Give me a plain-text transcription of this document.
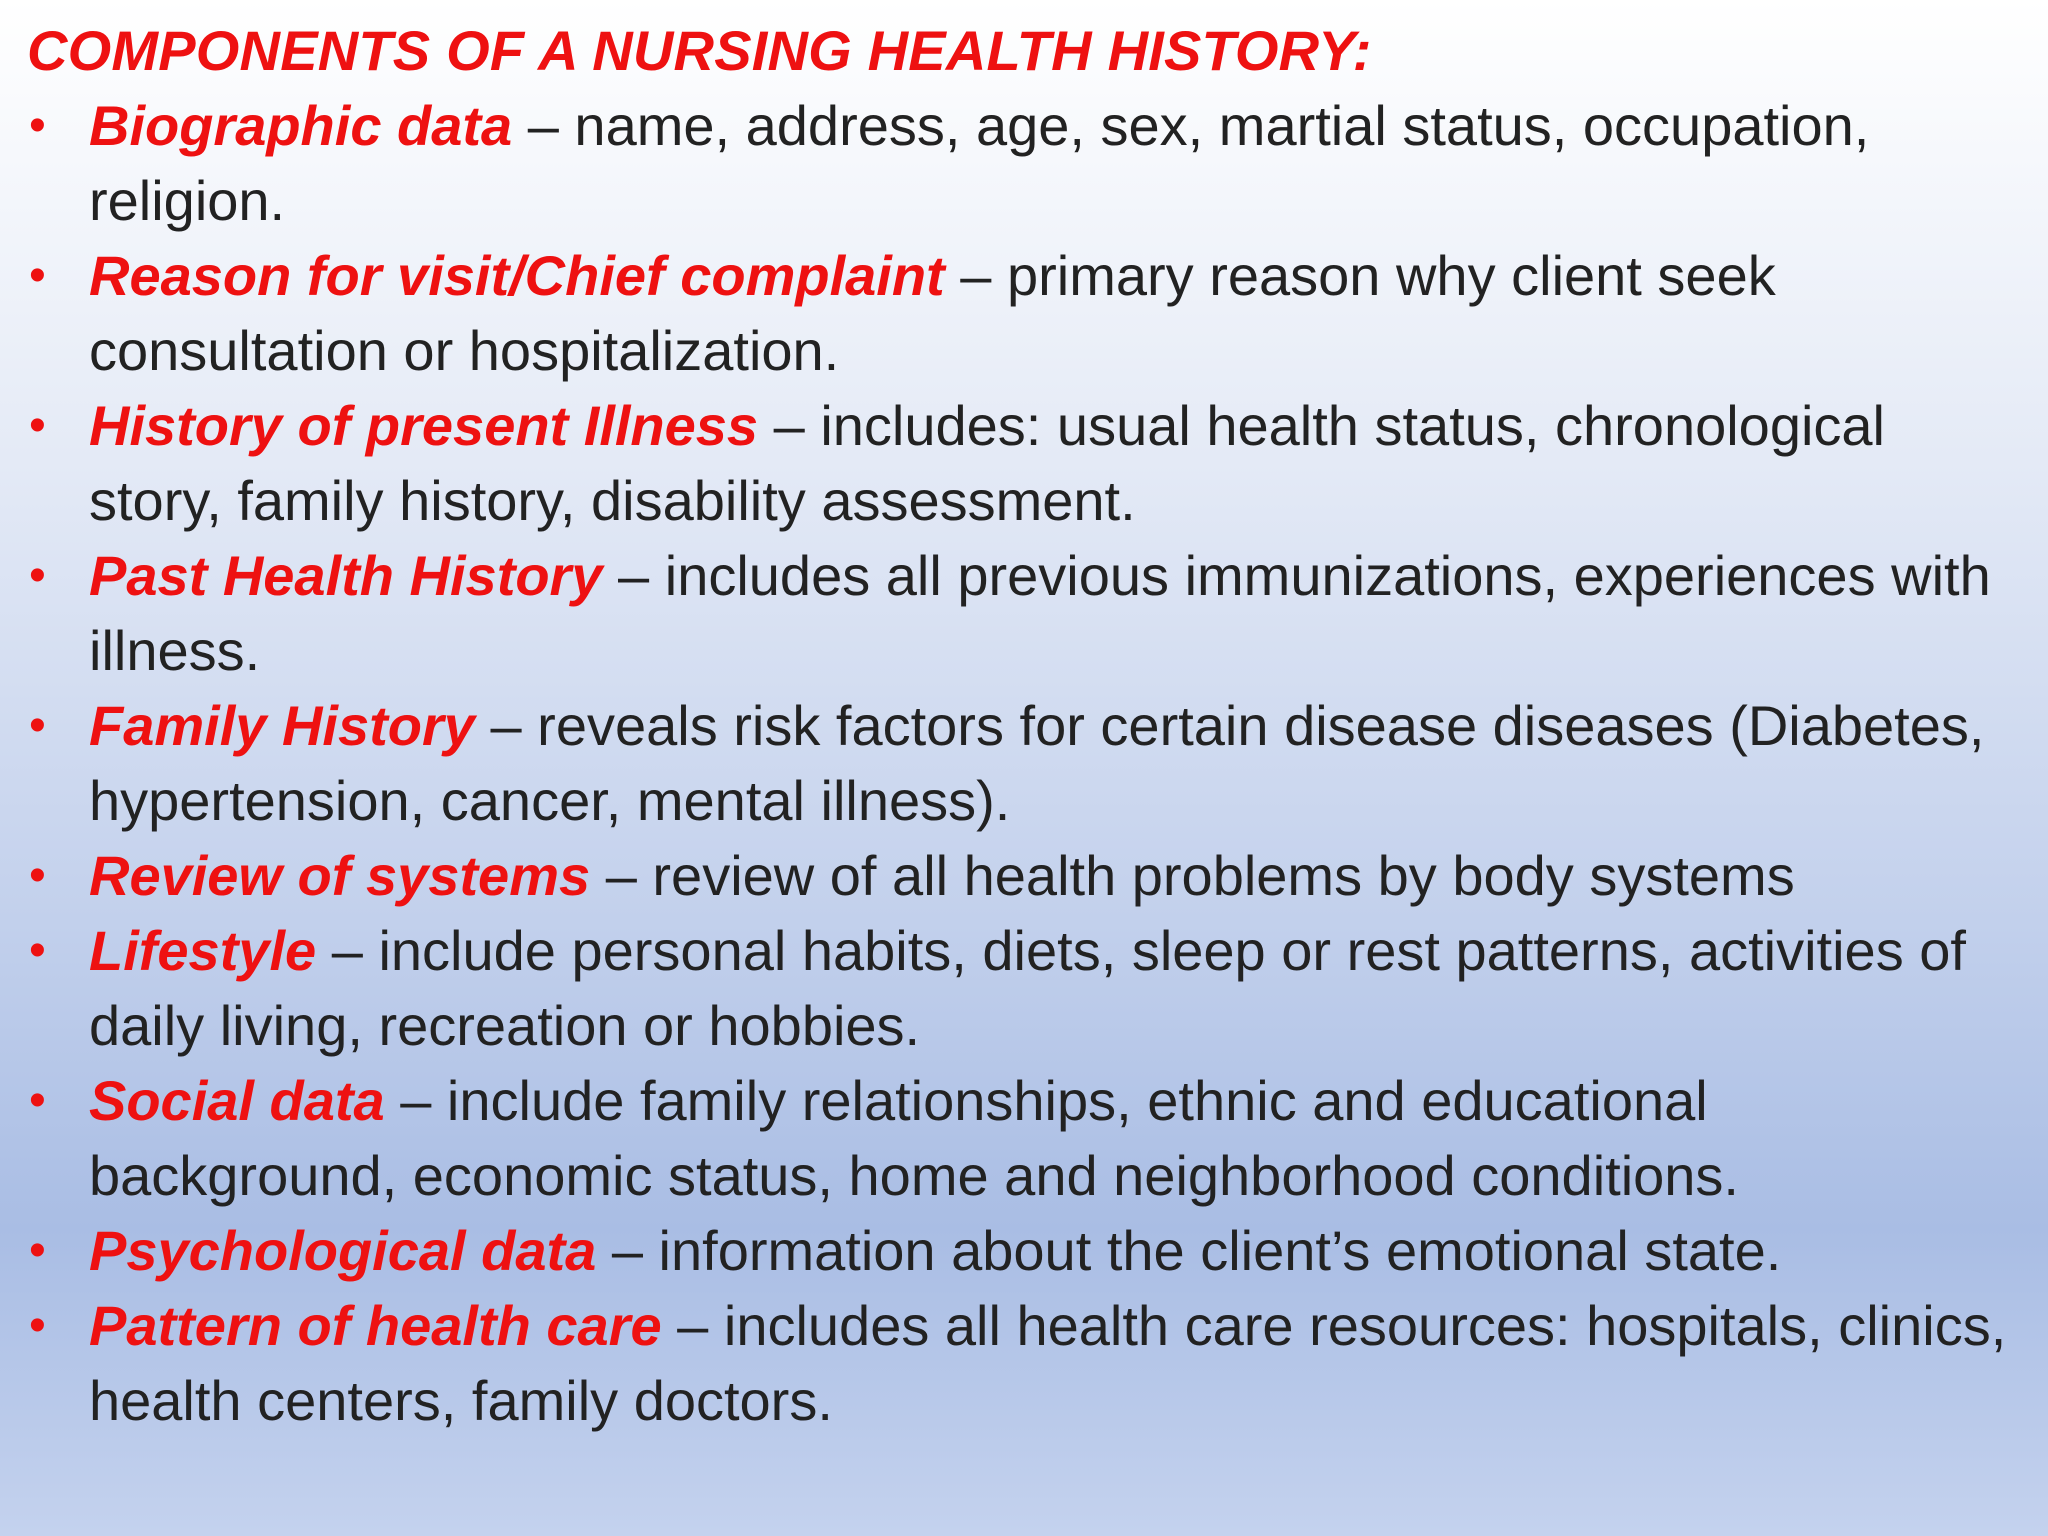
COMPONENTS OF A NURSING HEALTH HISTORY:
• Biographic data – name, address, age, sex, martial status, occupation, religion.
• Reason for visit/Chief complaint – primary reason why client seek consultation or hospitalization.
• History of present Illness – includes: usual health status, chronological story, family history, disability assessment.
• Past Health History – includes all previous immunizations, experiences with illness.
• Family History – reveals risk factors for certain disease diseases (Diabetes, hypertension, cancer, mental illness).
• Review of systems – review of all health problems by body systems
• Lifestyle – include personal habits, diets, sleep or rest patterns, activities of daily living, recreation or hobbies.
• Social data – include family relationships, ethnic and educational background, economic status, home and neighborhood conditions.
• Psychological data – information about the client’s emotional state.
• Pattern of health care – includes all health care resources: hospitals, clinics, health centers, family doctors.
